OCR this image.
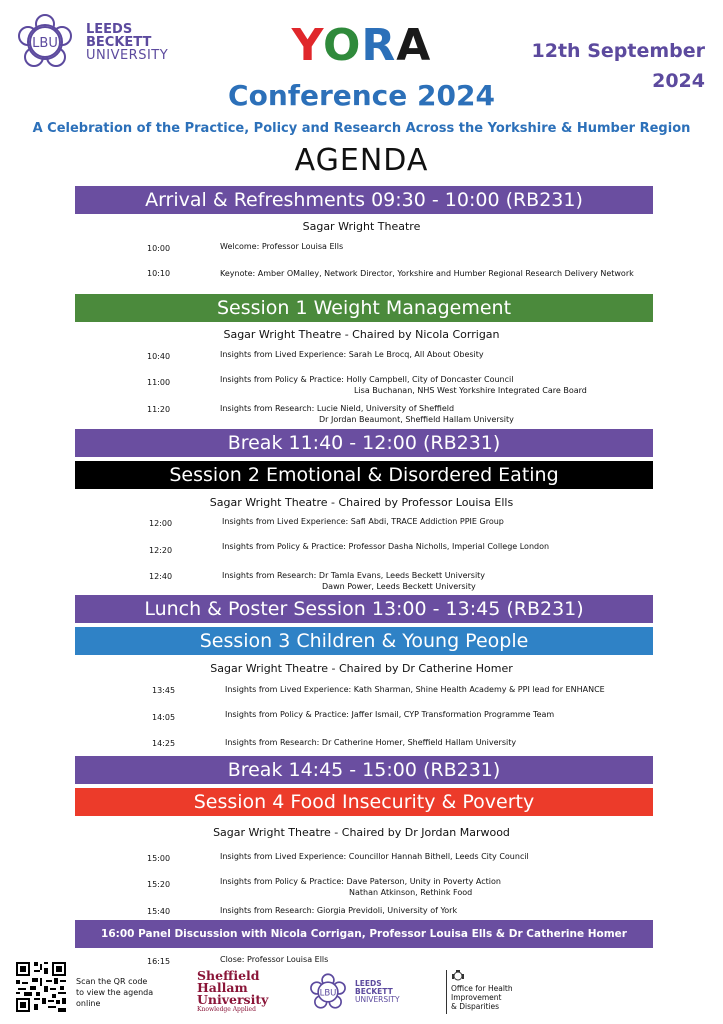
LBU
LEEDS
BECKETT
UNIVERSITY	YORA	12th September
2024
Conference 2024
A Celebration of the Practice, Policy and Research Across the Yorkshire & Humber Region
AGENDA
Arrival & Refreshments 09:30 - 10:00 (RB231)
Sagar Wright Theatre
10:00	Welcome: Professor Louisa Ells
10:10	Keynote: Amber OMalley, Network Director, Yorkshire and Humber Regional Research Delivery Network
Session 1 Weight Management
Sagar Wright Theatre - Chaired by Nicola Corrigan
10:40	Insights from Lived Experience: Sarah Le Brocq, All About Obesity
11:00	Insights from Policy & Practice: Holly Campbell, City of Doncaster Council
Lisa Buchanan, NHS West Yorkshire Integrated Care Board
11:20	Insights from Research: Lucie Nield, University of Sheffield
Dr Jordan Beaumont, Sheffield Hallam University
Break 11:40 - 12:00 (RB231)
Session 2 Emotional & Disordered Eating
Sagar Wright Theatre - Chaired by Professor Louisa Ells
12:00	Insights from Lived Experience: Safi Abdi, TRACE Addiction PPIE Group
12:20	Insights from Policy & Practice: Professor Dasha Nicholls, Imperial College London
12:40	Insights from Research: Dr Tamla Evans, Leeds Beckett University
Dawn Power, Leeds Beckett University
Lunch & Poster Session 13:00 - 13:45 (RB231)
Session 3 Children & Young People
Sagar Wright Theatre - Chaired by Dr Catherine Homer
13:45	Insights from Lived Experience: Kath Sharman, Shine Health Academy & PPI lead for ENHANCE
14:05	Insights from Policy & Practice: Jaffer Ismail, CYP Transformation Programme Team
14:25	Insights from Research: Dr Catherine Homer, Sheffield Hallam University
Break 14:45 - 15:00 (RB231)
Session 4 Food Insecurity & Poverty
Sagar Wright Theatre - Chaired by Dr Jordan Marwood
15:00	Insights from Lived Experience: Councillor Hannah Bithell, Leeds City Council
15:20	Insights from Policy & Practice: Dave Paterson, Unity in Poverty Action
Nathan Atkinson, Rethink Food
15:40	Insights from Research: Giorgia Previdoli, University of York
16:00 Panel Discussion with Nicola Corrigan, Professor Louisa Ells & Dr Catherine Homer
16:15	Close: Professor Louisa Ells
Scan the QR code
to view the agenda
online
Sheffield
Hallam
University
Knowledge Applied
LBU
LEEDS
BECKETT
UNIVERSITY
Office for Health
Improvement
& Disparities
